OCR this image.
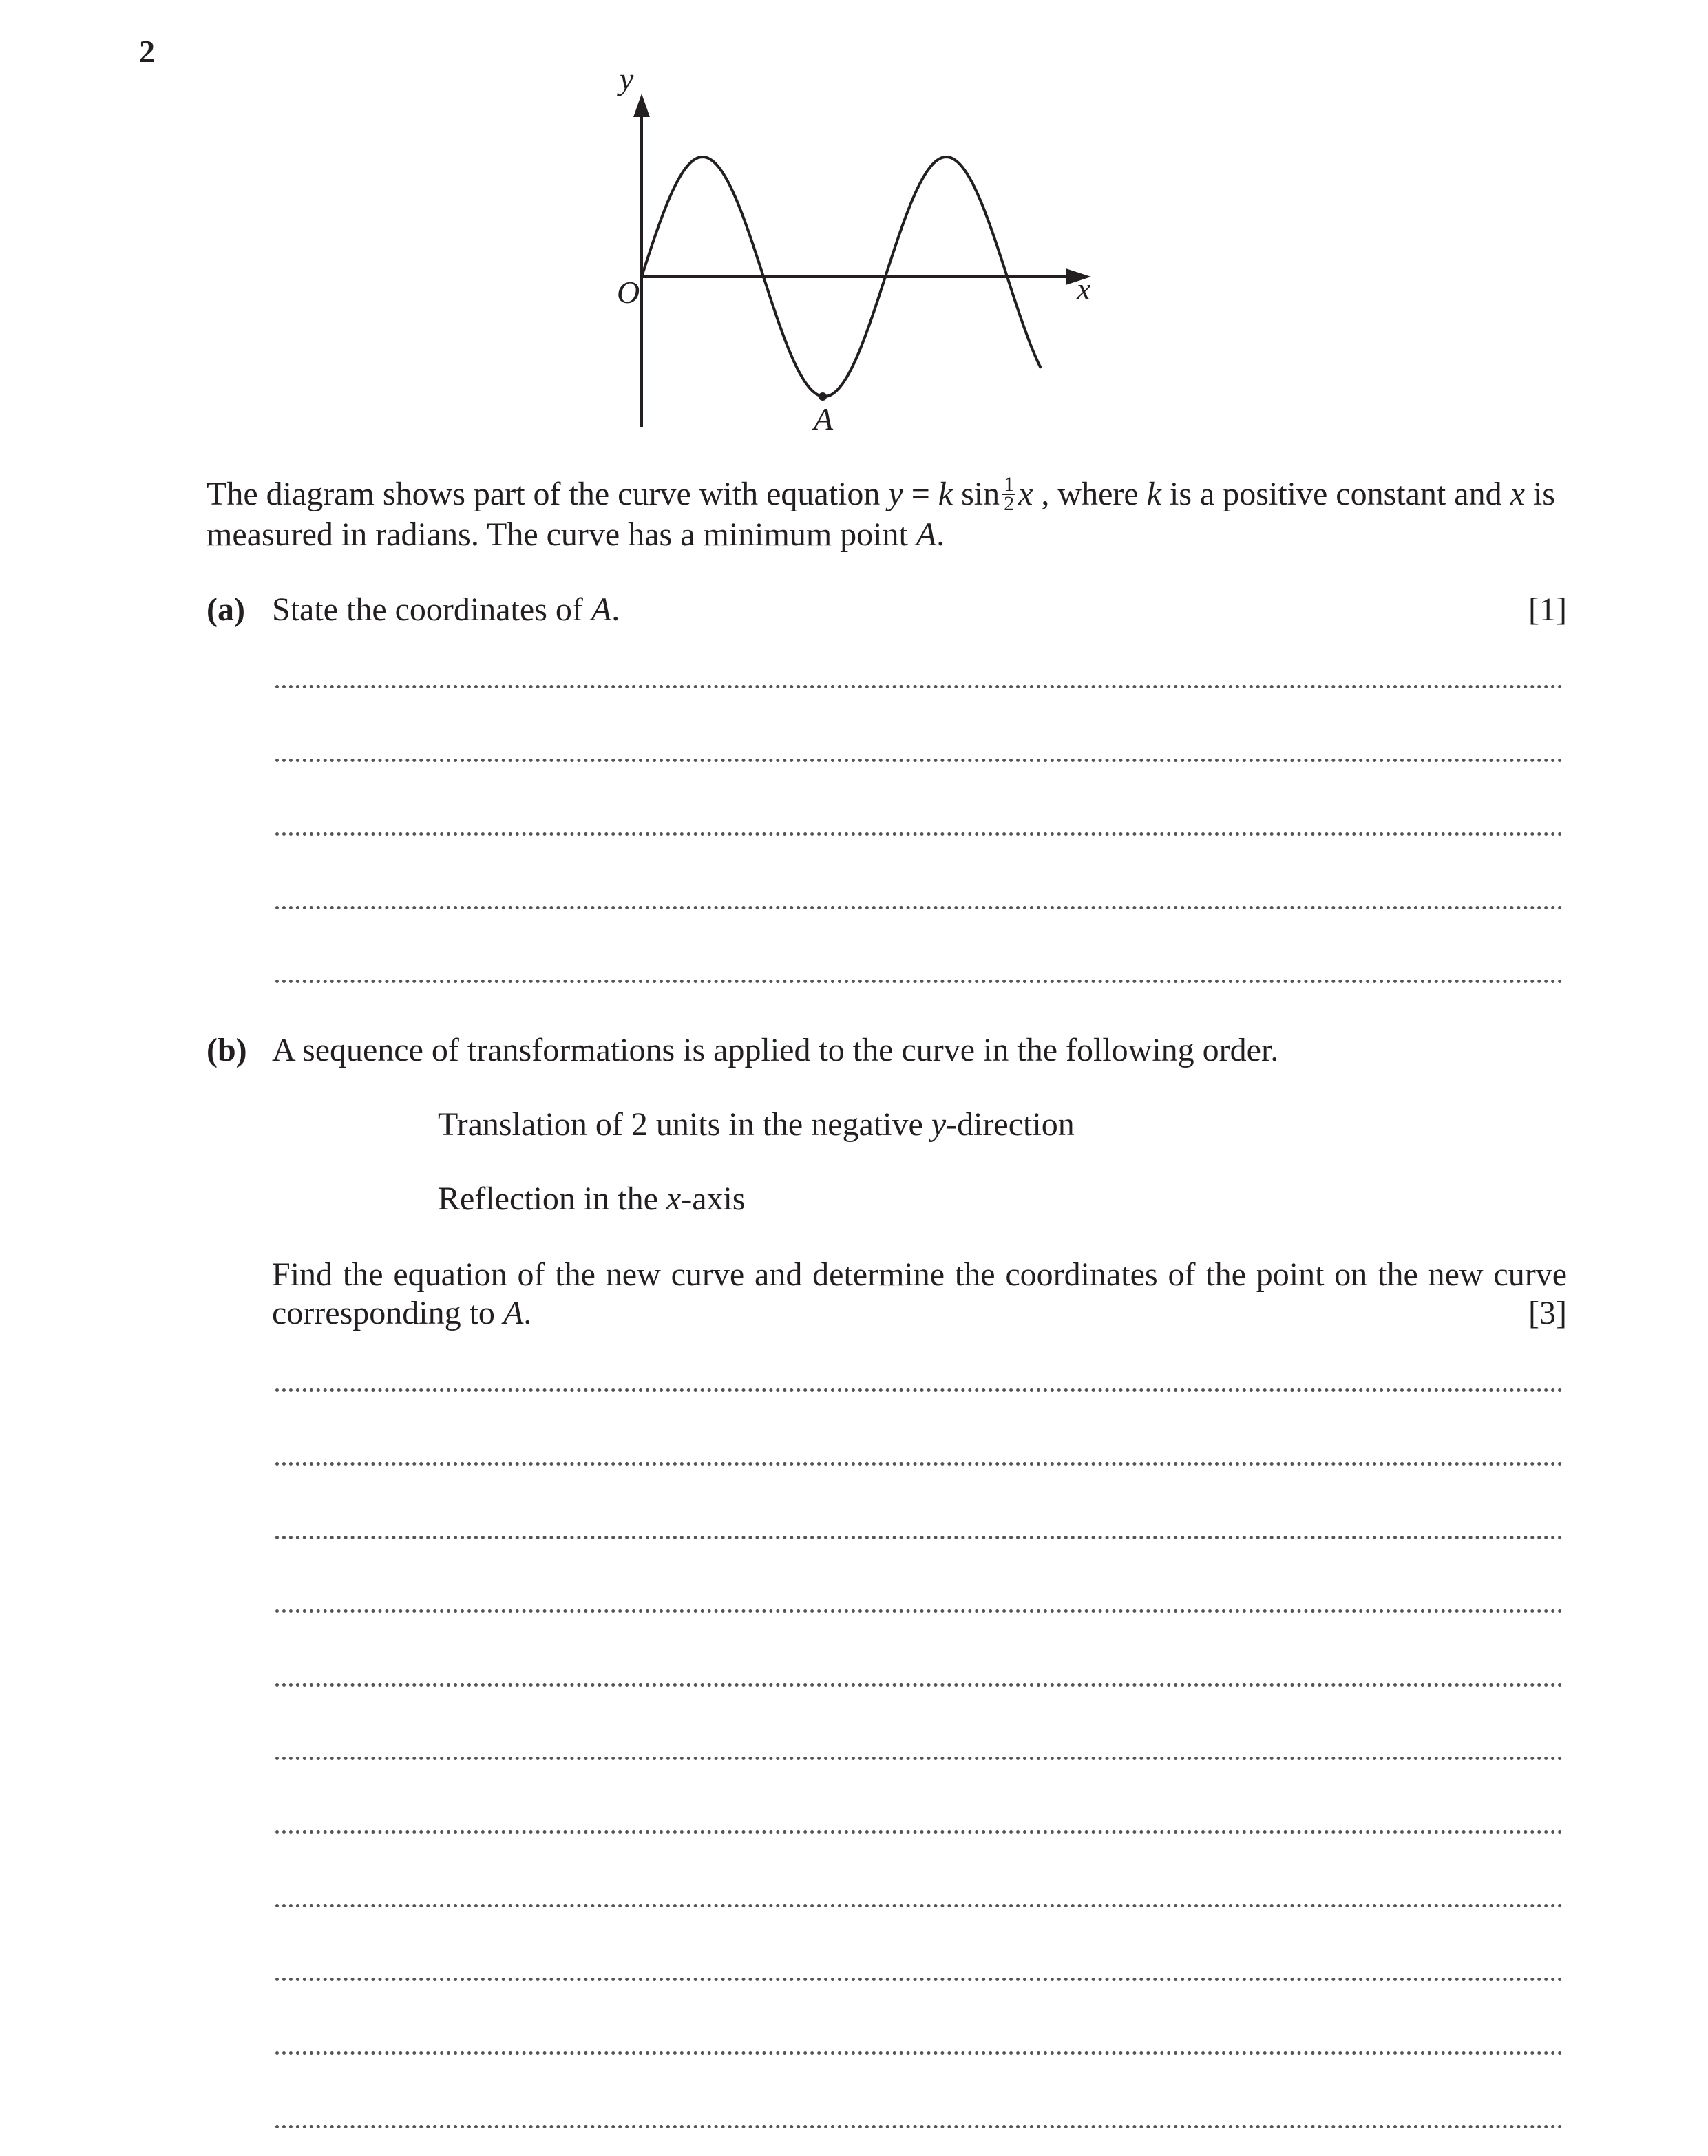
2
y
x
O
A
The diagram shows part of the curve with equation y = k $\sin \frac{1}{2}$ x , where k is a positive constant and x is
measured in radians. The curve has a minimum point A.
(a) State the coordinates of A.	[1]
(b) A sequence of transformations is applied to the curve in the following order.
Translation of 2 units in the negative y-direction
Reflection in the x-axis
Find the equation of the new curve and determine the coordinates of the point on the new curve
corresponding to A.	[3]
